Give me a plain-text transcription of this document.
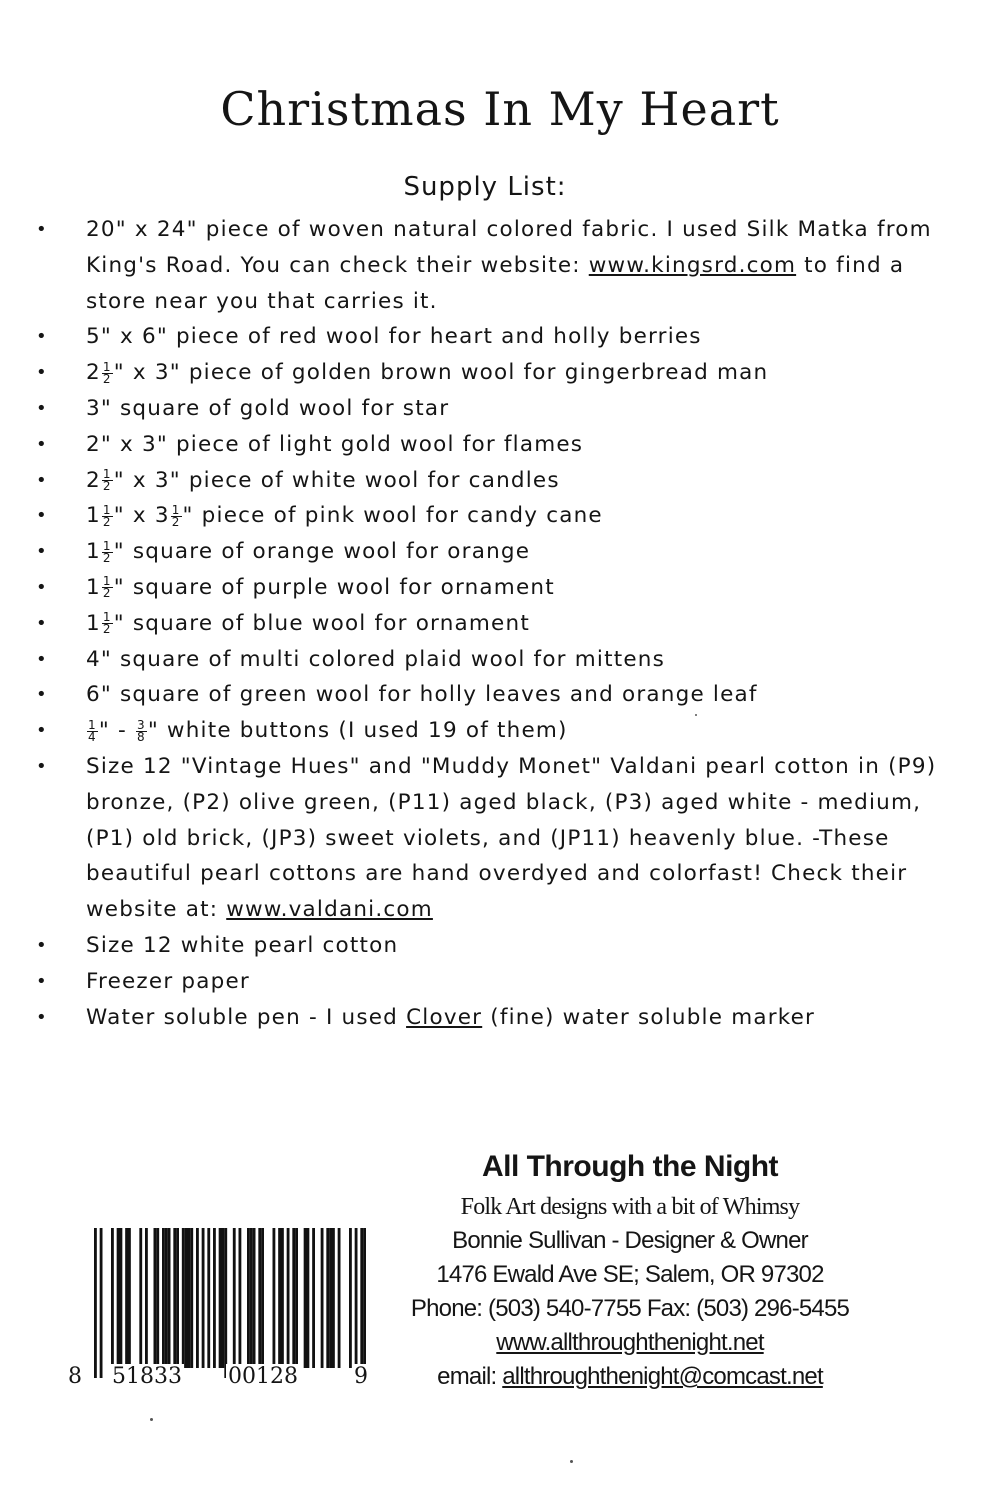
Christmas In My Heart
Supply List:
• 20" x 24" piece of woven natural colored fabric. I used Silk Matka from King's Road. You can check their website: www.kingsrd.com to find a store near you that carries it.
• 5" x 6" piece of red wool for heart and holly berries
• $2 \frac{1}{2}$ " x 3" piece of golden brown wool for gingerbread man
• 3" square of gold wool for star
• 2" x 3" piece of light gold wool for flames
• $2 \frac{1}{2}$ " x 3" piece of white wool for candles
• $1 \frac{1}{2}$ " x $3 \frac{1}{2}$ " piece of pink wool for candy cane
• $1 \frac{1}{2}$ " square of orange wool for orange
• $1 \frac{1}{2}$ " square of purple wool for ornament
• $1 \frac{1}{2}$ " square of blue wool for ornament
• 4" square of multi colored plaid wool for mittens
• 6" square of green wool for holly leaves and orange leaf
•	$\frac{1}{4}$ " - $\frac{3}{8}$ " white buttons (I used 19 of them)
• Size 12 "Vintage Hues" and "Muddy Monet" Valdani pearl cotton in (P9) bronze, (P2) olive green, (P11) aged black, (P3) aged white - medium, (P1) old brick, (JP3) sweet violets, and (JP11) heavenly blue. -These beautiful pearl cottons are hand overdyed and colorfast! Check their website at: www.valdani.com
• Size 12 white pearl cotton
• Freezer paper
• Water soluble pen - I used Clover (fine) water soluble marker
All Through the Night
Folk Art designs with a bit of Whimsy
Bonnie Sullivan - Designer & Owner
1476 Ewald Ave SE; Salem, OR 97302
Phone: (503) 540-7755 Fax: (503) 296-5455
www.allthroughthenight.net
email: allthroughthenight@comcast.net
8 51833 00128	9
